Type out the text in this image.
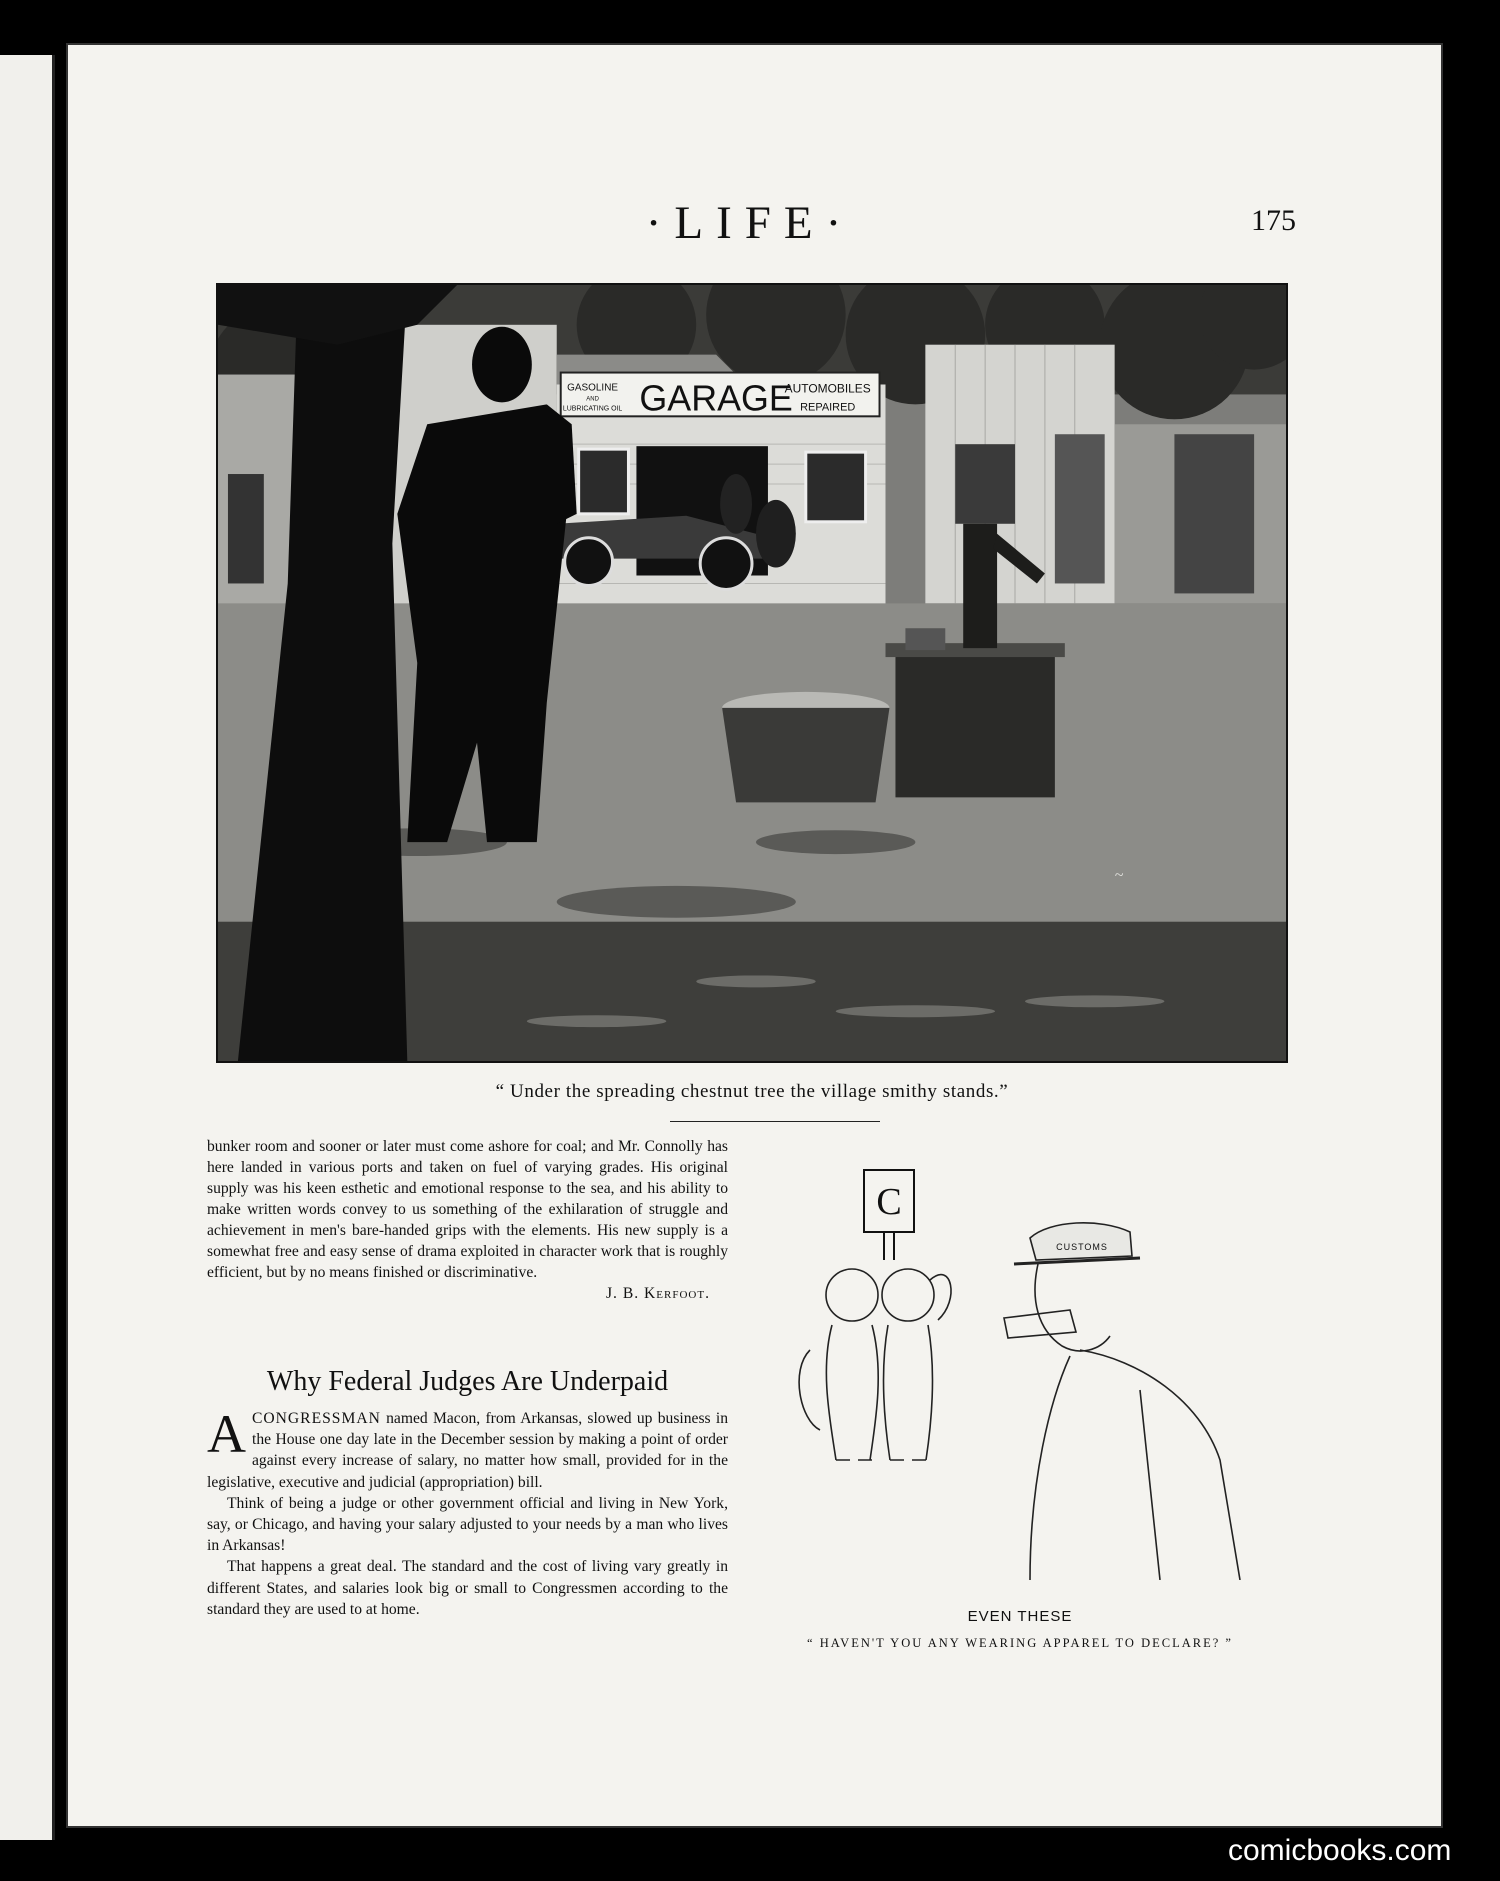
·LIFE·	175
GASOLINE
AND
LUBRICATING OIL GARAGE
AUTOMOBILES
REPAIRED
~
“ Under the spreading chestnut tree the village smithy stands.”

bunker room and sooner or later must come ashore for coal; and Mr. Connolly has here landed in various ports and taken on fuel of varying grades. His original supply was his keen esthetic and emotional response to the sea, and his ability to make written words convey to us something of the exhilaration of struggle and achievement in men's bare-handed grips with the elements. His new supply is a somewhat free and easy sense of drama exploited in character work that is roughly efficient, but by no means finished or discriminative.

J. B. Kerfoot.

Why Federal Judges Are Underpaid

ACONGRESSMAN named Macon, from Arkansas, slowed up business in the House one day late in the December session by making a point of order against every increase of salary, no matter how small, provided for in the legislative, executive and judicial (appropriation) bill.

Think of being a judge or other government official and living in New York, say, or Chicago, and having your salary adjusted to your needs by a man who lives in Arkansas!

That happens a great deal. The standard and the cost of living vary greatly in different States, and salaries look big or small to Congressmen according to the standard they are used to at home.

C
CUSTOMS
EVEN THESE
“ HAVEN'T YOU ANY WEARING APPAREL TO DECLARE? ”
comicbooks.com
